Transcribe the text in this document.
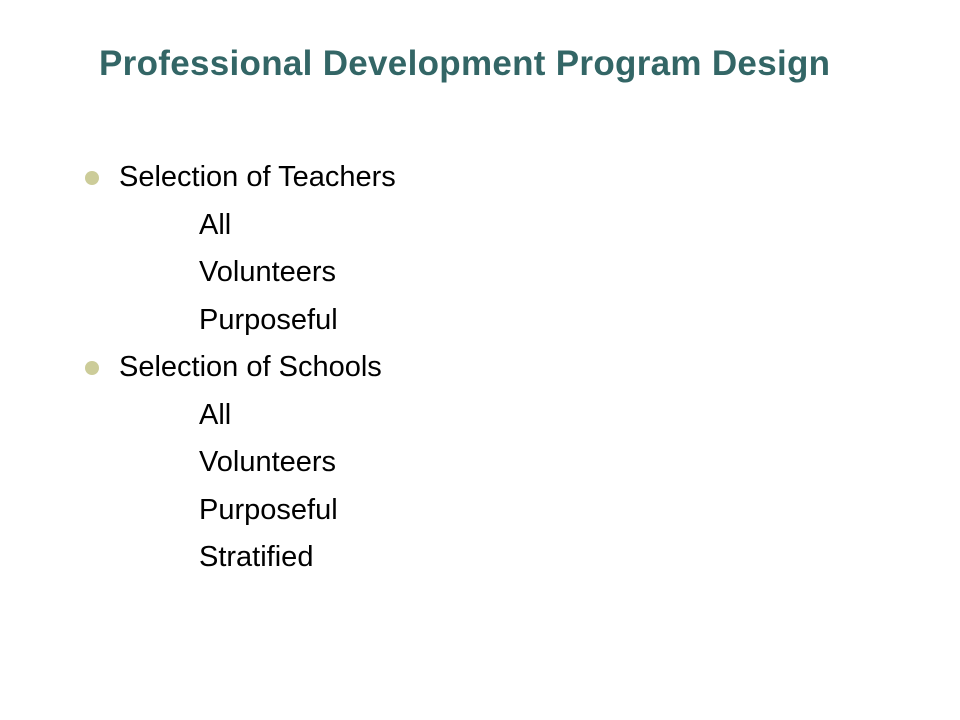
Professional Development Program Design
Selection of Teachers
All
Volunteers
Purposeful
Selection of Schools
All
Volunteers
Purposeful
Stratified
